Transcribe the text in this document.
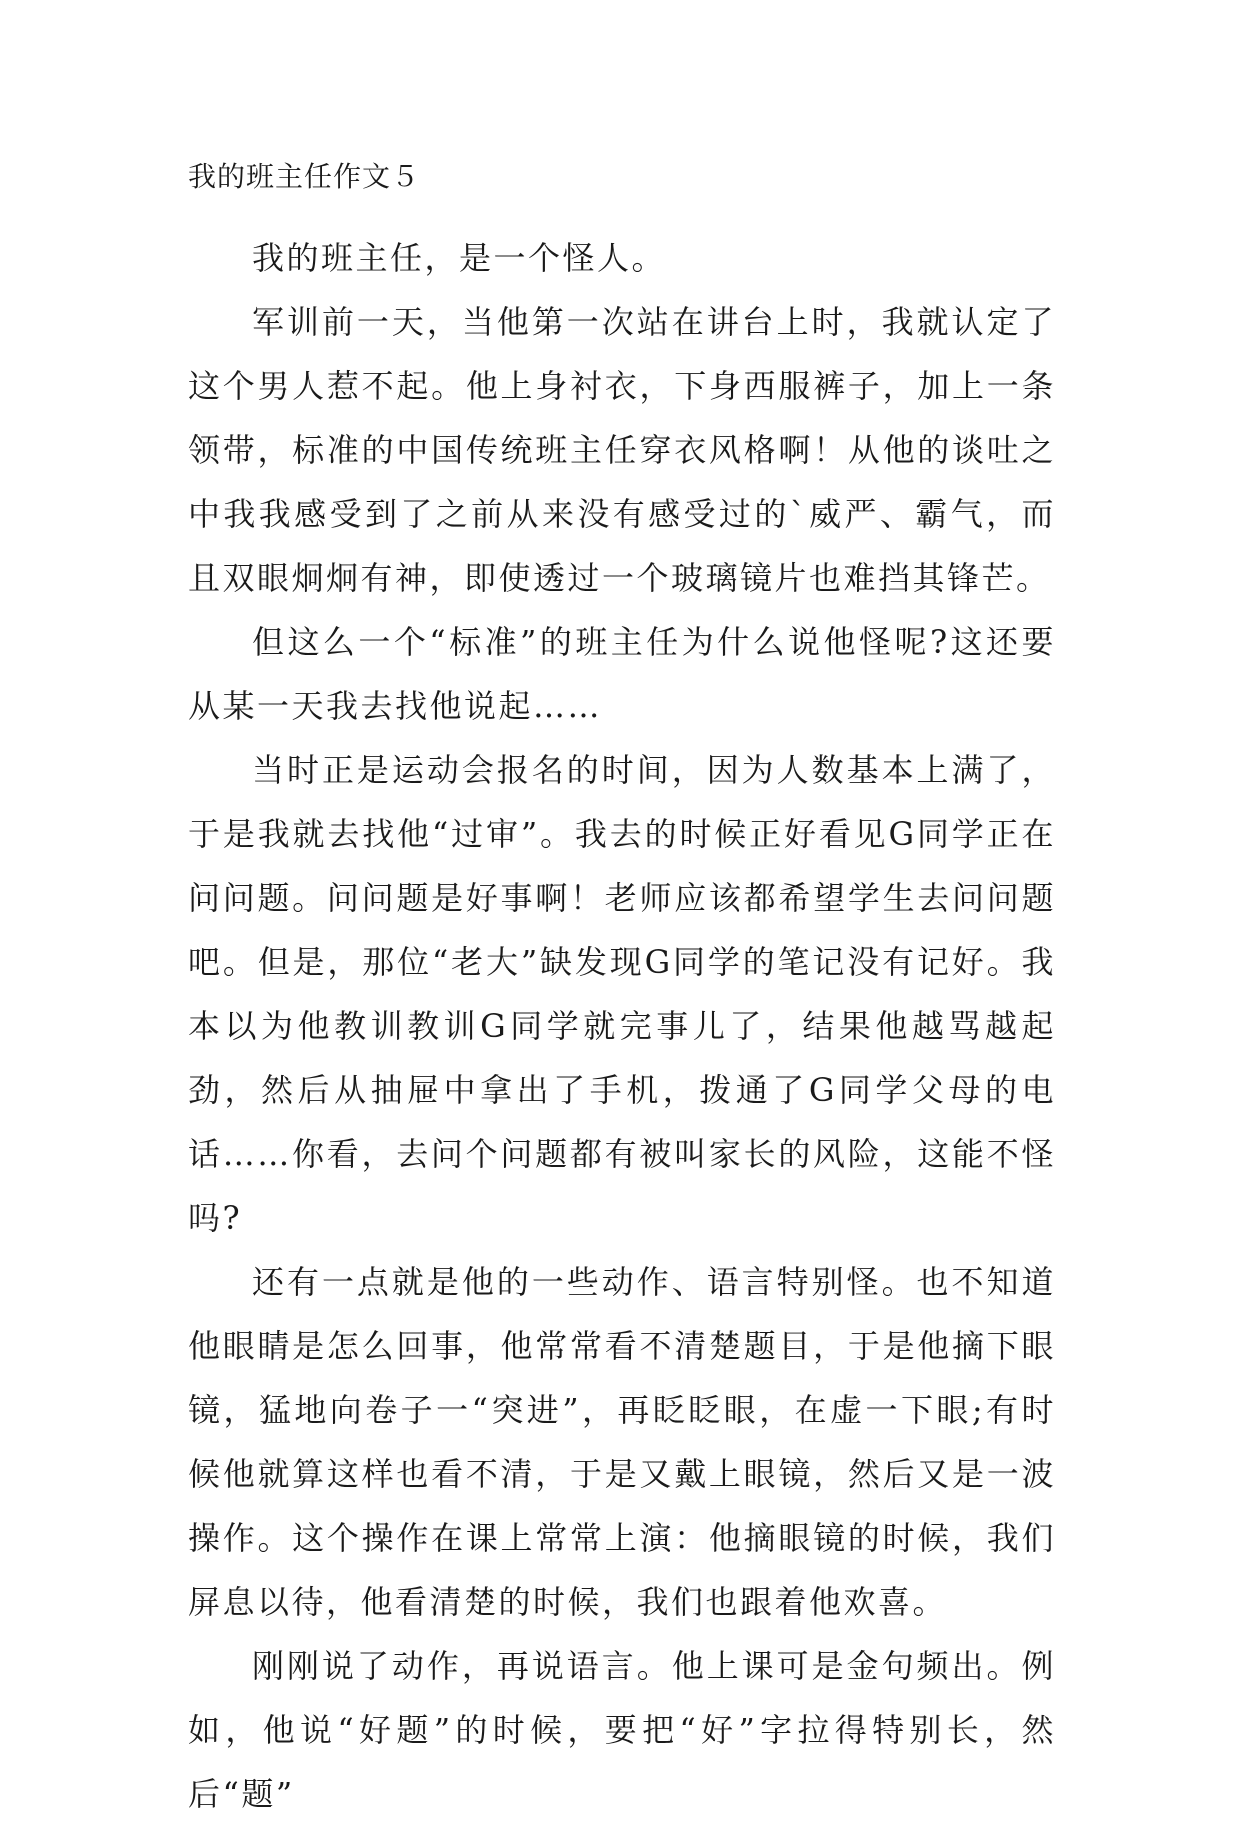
我的班主任作文５

我的班主任，是一个怪人。

军训前一天，当他第一次站在讲台上时，我就认定了这个男人惹不起。他上身衬衣，下身西服裤子，加上一条领带，标准的中国传统班主任穿衣风格啊！从他的谈吐之中我我感受到了之前从来没有感受过的`威严、霸气，而且双眼炯炯有神，即使透过一个玻璃镜片也难挡其锋芒。

但这么一个“标准”的班主任为什么说他怪呢?这还要从某一天我去找他说起……

当时正是运动会报名的时间，因为人数基本上满了，于是我就去找他“过审”。我去的时候正好看见G同学正在问问题。问问题是好事啊！老师应该都希望学生去问问题吧。但是，那位“老大”缺发现G同学的笔记没有记好。我本以为他教训教训G同学就完事儿了，结果他越骂越起劲，然后从抽屉中拿出了手机，拨通了G同学父母的电话……你看，去问个问题都有被叫家长的风险，这能不怪吗?

还有一点就是他的一些动作、语言特别怪。也不知道他眼睛是怎么回事，他常常看不清楚题目，于是他摘下眼镜，猛地向卷子一“突进”，再眨眨眼，在虚一下眼;有时候他就算这样也看不清，于是又戴上眼镜，然后又是一波操作。这个操作在课上常常上演：他摘眼镜的时候，我们屏息以待，他看清楚的时候，我们也跟着他欢喜。

刚刚说了动作，再说语言。他上课可是金句频出。例如，他说“好题”的时候，要把“好”字拉得特别长，然后“题”
